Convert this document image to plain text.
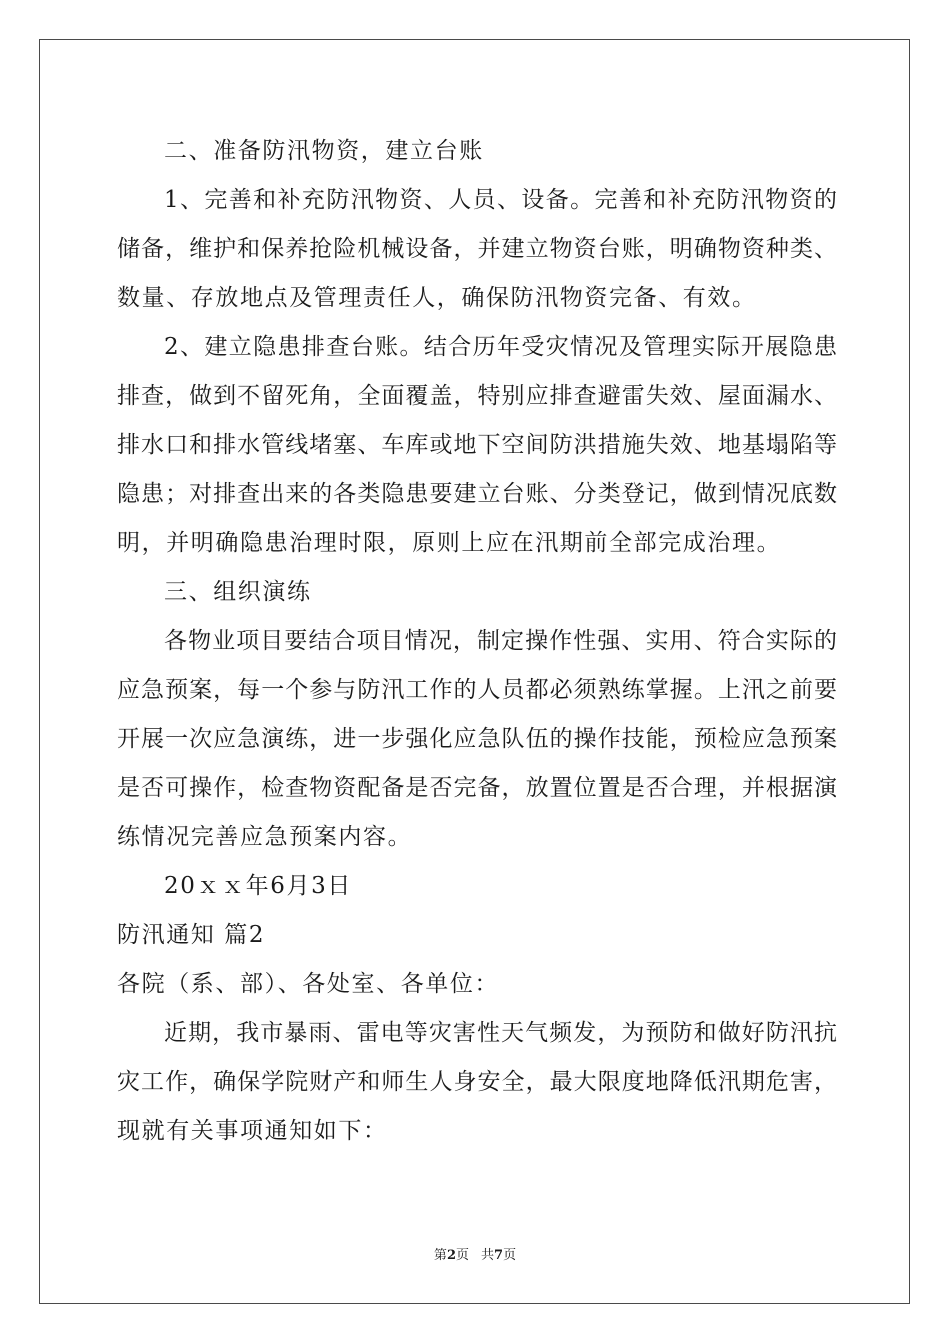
二、准备防汛物资，建立台账
1、完善和补充防汛物资、人员、设备。完善和补充防汛物资的
储备，维护和保养抢险机械设备，并建立物资台账，明确物资种类、
数量、存放地点及管理责任人，确保防汛物资完备、有效。
2、建立隐患排查台账。结合历年受灾情况及管理实际开展隐患
排查，做到不留死角，全面覆盖，特别应排查避雷失效、屋面漏水、
排水口和排水管线堵塞、车库或地下空间防洪措施失效、地基塌陷等
隐患；对排查出来的各类隐患要建立台账、分类登记，做到情况底数
明，并明确隐患治理时限，原则上应在汛期前全部完成治理。
三、组织演练
各物业项目要结合项目情况，制定操作性强、实用、符合实际的
应急预案，每一个参与防汛工作的人员都必须熟练掌握。上汛之前要
开展一次应急演练，进一步强化应急队伍的操作技能，预检应急预案
是否可操作，检查物资配备是否完备，放置位置是否合理，并根据演
练情况完善应急预案内容。
20ｘｘ年6月3日
防汛通知 篇2
各院（系、部）、各处室、各单位：
近期，我市暴雨、雷电等灾害性天气频发，为预防和做好防汛抗
灾工作，确保学院财产和师生人身安全，最大限度地降低汛期危害，
现就有关事项通知如下：
第2页 共7页
